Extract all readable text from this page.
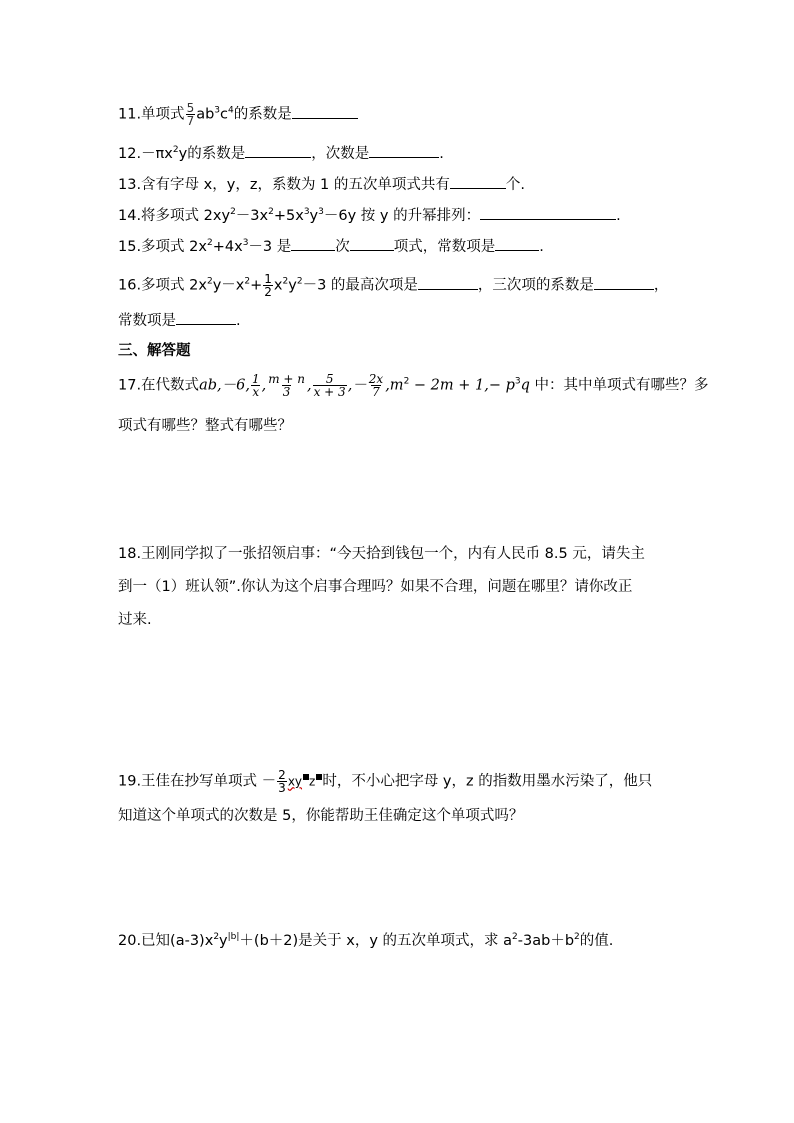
11.单项式 $\frac{5}{7} ab^3c^4$的系数是
$12.-\pi x^2y$的系数是	，次数是	.
13.含有字母 x，y，z，系数为 1 的五次单项式共有	个.
14.将多项式 $2xy^2-3x^2+5x^3y^3-6y$ 按 y 的升幂排列：	.
15.多项式 $2x^2+4x^3-3$ 是	次	项式，常数项是	.
16.多项式 $2x^2y-x^2+ \frac{1}{2} x^2y^2-3$ 的最高次项是	，三次项的系数是	，
常数项是	.
三、解答题
17.在代数式ab,－6, $\frac{1}{x}$ , $\frac{m + n}{3}$ , $\frac{5}{x + 3}$ ,－ $\frac{2x}{7} ,m^2 - 2m + 1,- p^3q$ 中：其中单项式有哪些？多
项式有哪些？整式有哪些？
18.王刚同学拟了一张招领启事：“今天拾到钱包一个，内有人民币 8.5 元，请失主
到一（1）班认领”.你认为这个启事合理吗？如果不合理，问题在哪里？请你改正
过来.
19.王佳在抄写单项式 － $\frac{2}{3}$ xy z 时，不小心把字母 y，z 的指数用墨水污染了，他只
知道这个单项式的次数是 5，你能帮助王佳确定这个单项式吗？
20.已知$(a-3)x^2y^{|b|}+(b+2)$是关于 x，y 的五次单项式，求 $a^2-3ab+b^2$的值.
